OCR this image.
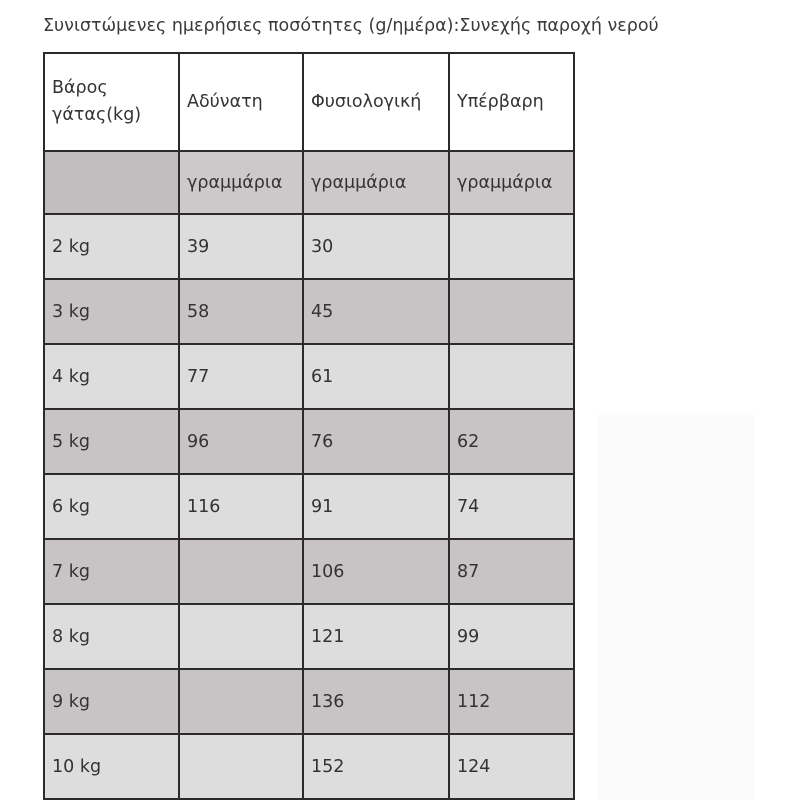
Συνιστώμενες ημερήσιες ποσότητες (g/ημέρα):Συνεχής παροχή νερού
Βάρος γάτας(kg)	Αδύνατη	Φυσιολογική	Υπέρβαρη
	γραμμάρια	γραμμάρια	γραμμάρια
2 kg	39	30	
3 kg	58	45	
4 kg	77	61	
5 kg	96	76	62
6 kg	116	91	74
7 kg		106	87
8 kg		121	99
9 kg		136	112
10 kg		152	124
